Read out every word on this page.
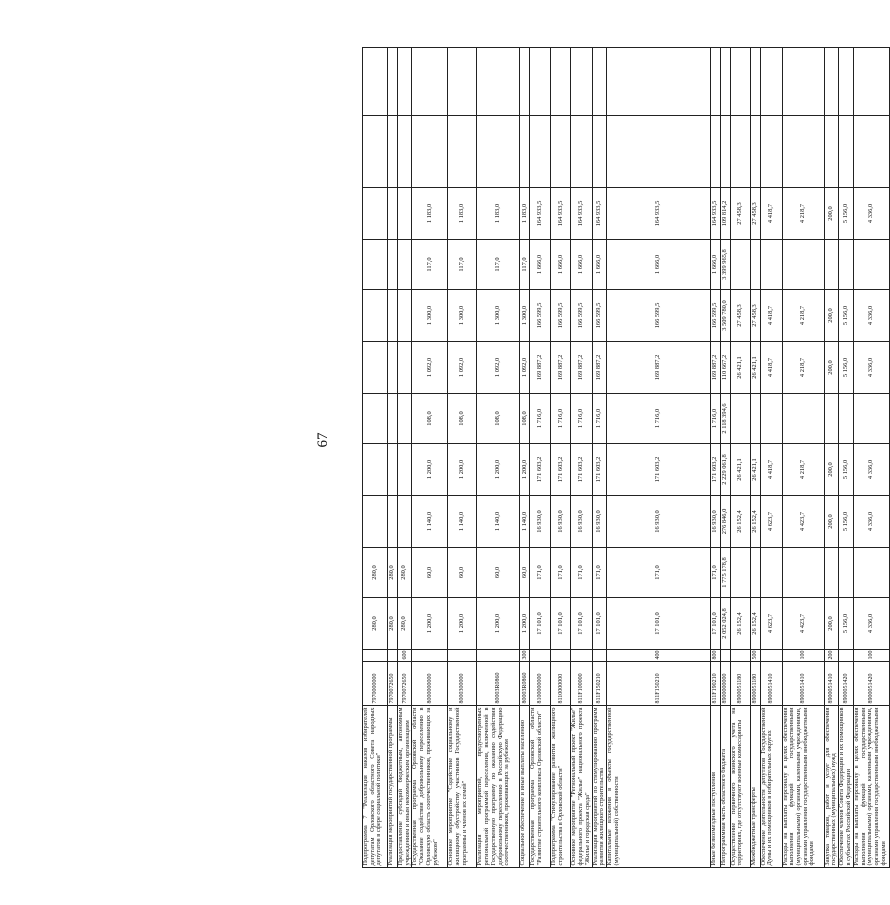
67
Подпрограмма 7 "Реализация наказов избирателей депутатам Орловского областного Совета народных депутатов в сфере социальной политики"	7970000000		280,0	280,0									
Реализация мероприятий государственной программы	7970072650		280,0	280,0									
Предоставление субсидий бюджетным, автономным учреждениям и иным некоммерческим организациям	7970072650	600	280,0	280,0									
Государственная программа Орловской области "Оказание содействия добровольному переселению в Орловскую область соотечественников, проживающих за рубежом"	8000000000		1 200,0	60,0	1 140,0	1 200,0	108,0	1 092,0	1 300,0	117,0	1 183,0		
Основное мероприятие "Содействие социальному и жилищному обустройству участников Государственной программы и членов их семей"	8000300000		1 200,0	60,0	1 140,0	1 200,0	108,0	1 092,0	1 300,0	117,0	1 183,0		
Реализация мероприятий, предусмотренных региональной программой переселения, включенной в Государственную программу по оказанию содействия добровольному переселению в Российскую Федерацию соотечественников, проживающих за рубежом	80003R0860		1 200,0	60,0	1 140,0	1 200,0	108,0	1 092,0	1 300,0	117,0	1 183,0		
Социальное обеспечение и иные выплаты населению	80003R0860	300	1 200,0	60,0	1 140,0	1 200,0	108,0	1 092,0	1 300,0	117,0	1 183,0		
Государственная программа Орловской области "Развитие строительного комплекса Орловской области"	8100000000		17 101,0	171,0	16 930,0	171 603,2	1 716,0	169 887,2	166 599,5	1 666,0	164 933,5		
Подпрограмма "Стимулирование развития жилищного строительства в Орловской области"	8110000000		17 101,0	171,0	16 930,0	171 603,2	1 716,0	169 887,2	166 599,5	1 666,0	164 933,5		
Основное мероприятие "Региональный проект "Жилье" федерального проекта "Жилье" национального проекта "Жилье и городская среда"	811F100000		17 101,0	171,0	16 930,0	171 603,2	1 716,0	169 887,2	166 599,5	1 666,0	164 933,5		
Реализация мероприятий по стимулированию программ развития жилищного строительства	811F150210		17 101,0	171,0	16 930,0	171 603,2	1 716,0	169 887,2	166 599,5	1 666,0	164 933,5		
Капитальные вложения в объекты государственной (муниципальной) собственности	811F150210	400	17 101,0	171,0	16 930,0	171 603,2	1 716,0	169 887,2	166 599,5	1 666,0	164 933,5		
Иные безвозмездные поступления	811F190210	800	17 101,0	171,0	16 930,0	171 603,2	1 716,0	169 887,2	166 599,5	1 666,0	164 933,5		
Непрограммная часть областного бюджета	8900000000		2 052 024,8	1 775 178,8	276 846,0	2 229 061,8	2 118 394,6	110 667,2	3 509 780,0	3 399 965,8	109 814,2		
Осуществление первичного воинского учета на территориях, где отсутствуют военные комиссариаты	8900051180		26 152,4		26 152,4	26 421,1		26 421,1	27 458,3		27 458,3		
Межбюджетные трансферты	8900051180	500	26 152,4		26 152,4	26 421,1		26 421,1	27 458,3		27 458,3		
Обеспечение деятельности депутатов Государственной Думы и их помощников в избирательных округах	8900051410		4 623,7		4 623,7	4 418,7		4 418,7	4 418,7		4 418,7		
Расходы на выплаты персоналу в целях обеспечения выполнения функций государственными (муниципальными) органами, казенными учреждениями, органами управления государственными внебюджетными фондами	8900051410	100	4 423,7		4 423,7	4 218,7		4 218,7	4 218,7		4 218,7		
Закупка товаров, работ и услуг для обеспечения государственных (муниципальных) нужд	8900051410	200	200,0		200,0	200,0		200,0	200,0		200,0		
Обеспечение членов Совета Федерации и их помощников в субъектах Российской Федерации	8900051420		5 156,0		5 156,0	5 156,0		5 156,0	5 156,0		5 156,0		
Расходы на выплаты персоналу в целях обеспечения выполнения функций государственными (муниципальными) органами, казенными учреждениями, органами управления государственными внебюджетными фондами	8900051420	100	4 336,0		4 336,0	4 336,0		4 336,0	4 336,0		4 336,0		
